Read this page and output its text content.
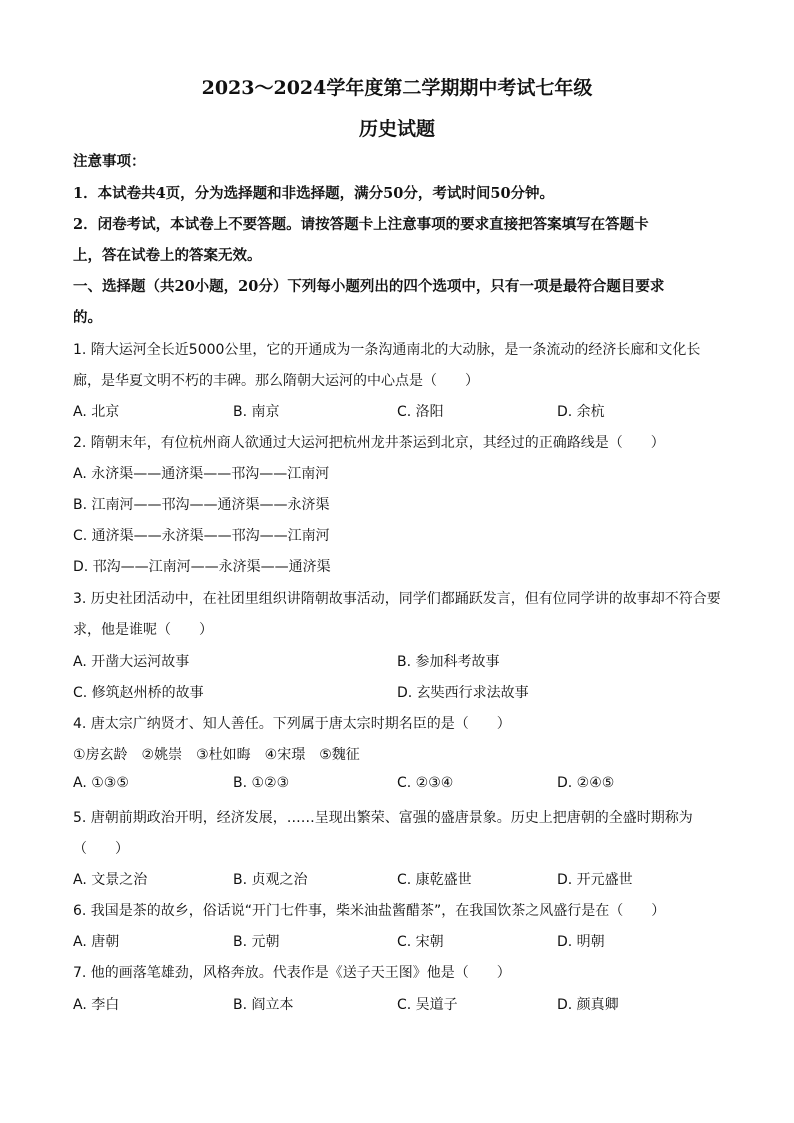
2023～2024学年度第二学期期中考试七年级
历史试题
注意事项：
1．本试卷共4页，分为选择题和非选择题，满分50分，考试时间50分钟。
2．闭卷考试，本试卷上不要答题。请按答题卡上注意事项的要求直接把答案填写在答题卡
上，答在试卷上的答案无效。
一、选择题（共20小题，20分）下列每小题列出的四个选项中，只有一项是最符合题目要求
的。
1. 隋大运河全长近5000公里，它的开通成为一条沟通南北的大动脉，是一条流动的经济长廊和文化长
廊，是华夏文明不朽的丰碑。那么隋朝大运河的中心点是（　　）
A. 北京	B. 南京	C. 洛阳	D. 余杭
2. 隋朝末年，有位杭州商人欲通过大运河把杭州龙井茶运到北京，其经过的正确路线是（　　）
A. 永济渠——通济渠——邗沟——江南河
B. 江南河——邗沟——通济渠——永济渠
C. 通济渠——永济渠——邗沟——江南河
D. 邗沟——江南河——永济渠——通济渠
3. 历史社团活动中，在社团里组织讲隋朝故事活动，同学们都踊跃发言，但有位同学讲的故事却不符合要
求，他是谁呢（　　）
A. 开凿大运河故事	B. 参加科考故事
C. 修筑赵州桥的故事	D. 玄奘西行求法故事
4. 唐太宗广纳贤才、知人善任。下列属于唐太宗时期名臣的是（　　）
①房玄龄　②姚崇　③杜如晦　④宋璟　⑤魏征
A. ①③⑤	B. ①②③	C. ②③④	D. ②④⑤
5. 唐朝前期政治开明，经济发展，……呈现出繁荣、富强的盛唐景象。历史上把唐朝的全盛时期称为
（　　）
A. 文景之治	B. 贞观之治	C. 康乾盛世	D. 开元盛世
6. 我国是茶的故乡，俗话说“开门七件事，柴米油盐酱醋茶”，在我国饮茶之风盛行是在（　　）
A. 唐朝	B. 元朝	C. 宋朝	D. 明朝
7. 他的画落笔雄劲，风格奔放。代表作是《送子天王图》他是（　　）
A. 李白	B. 阎立本	C. 吴道子	D. 颜真卿
